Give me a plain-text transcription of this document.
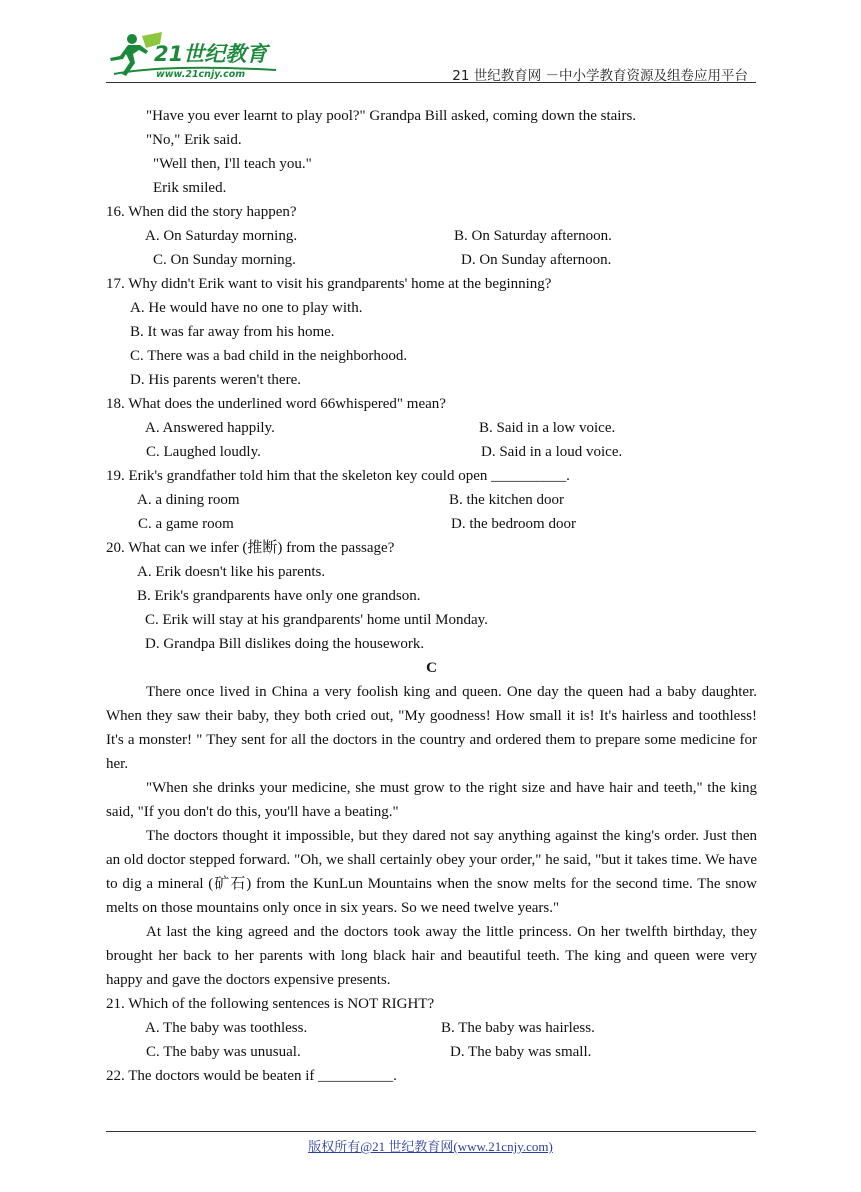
21世纪教育
www.21cnjy.com	21 世纪教育网 －中小学教育资源及组卷应用平台
"Have you ever learnt to play pool?" Grandpa Bill asked, coming down the stairs.
"No," Erik said.
"Well then, I'll teach you."
Erik smiled.
16. When did the story happen?
A. On Saturday morning.	B. On Saturday afternoon.
C. On Sunday morning.	D. On Sunday afternoon.
17. Why didn't Erik want to visit his grandparents' home at the beginning?
A. He would have no one to play with.
B. It was far away from his home.
C. There was a bad child in the neighborhood.
D. His parents weren't there.
18. What does the underlined word 66whispered" mean?
A. Answered happily.	B. Said in a low voice.
C. Laughed loudly.	D. Said in a loud voice.
19. Erik's grandfather told him that the skeleton key could open __________.
A. a dining room	B. the kitchen door
C. a game room	D. the bedroom door
20. What can we infer (推断) from the passage?
A. Erik doesn't like his parents.
B. Erik's grandparents have only one grandson.
C. Erik will stay at his grandparents' home until Monday.
D. Grandpa Bill dislikes doing the housework.
C

There once lived in China a very foolish king and queen. One day the queen had a baby daughter. When they saw their baby, they both cried out, "My goodness! How small it is! It's hairless and toothless! It's a monster! " They sent for all the doctors in the country and ordered them to prepare some medicine for her.

"When she drinks your medicine, she must grow to the right size and have hair and teeth," the king said, "If you don't do this, you'll have a beating."

The doctors thought it impossible, but they dared not say anything against the king's order. Just then an old doctor stepped forward. "Oh, we shall certainly obey your order," he said, "but it takes time. We have to dig a mineral (矿石) from the KunLun Mountains when the snow melts for the second time. The snow melts on those mountains only once in six years. So we need twelve years."

At last the king agreed and the doctors took away the little princess. On her twelfth birthday, they brought her back to her parents with long black hair and beautiful teeth. The king and queen were very happy and gave the doctors expensive presents.

21. Which of the following sentences is NOT RIGHT?
A. The baby was toothless.	B. The baby was hairless.
C. The baby was unusual.	D. The baby was small.
22. The doctors would be beaten if __________.
版权所有@21 世纪教育网(www.21cnjy.com)
